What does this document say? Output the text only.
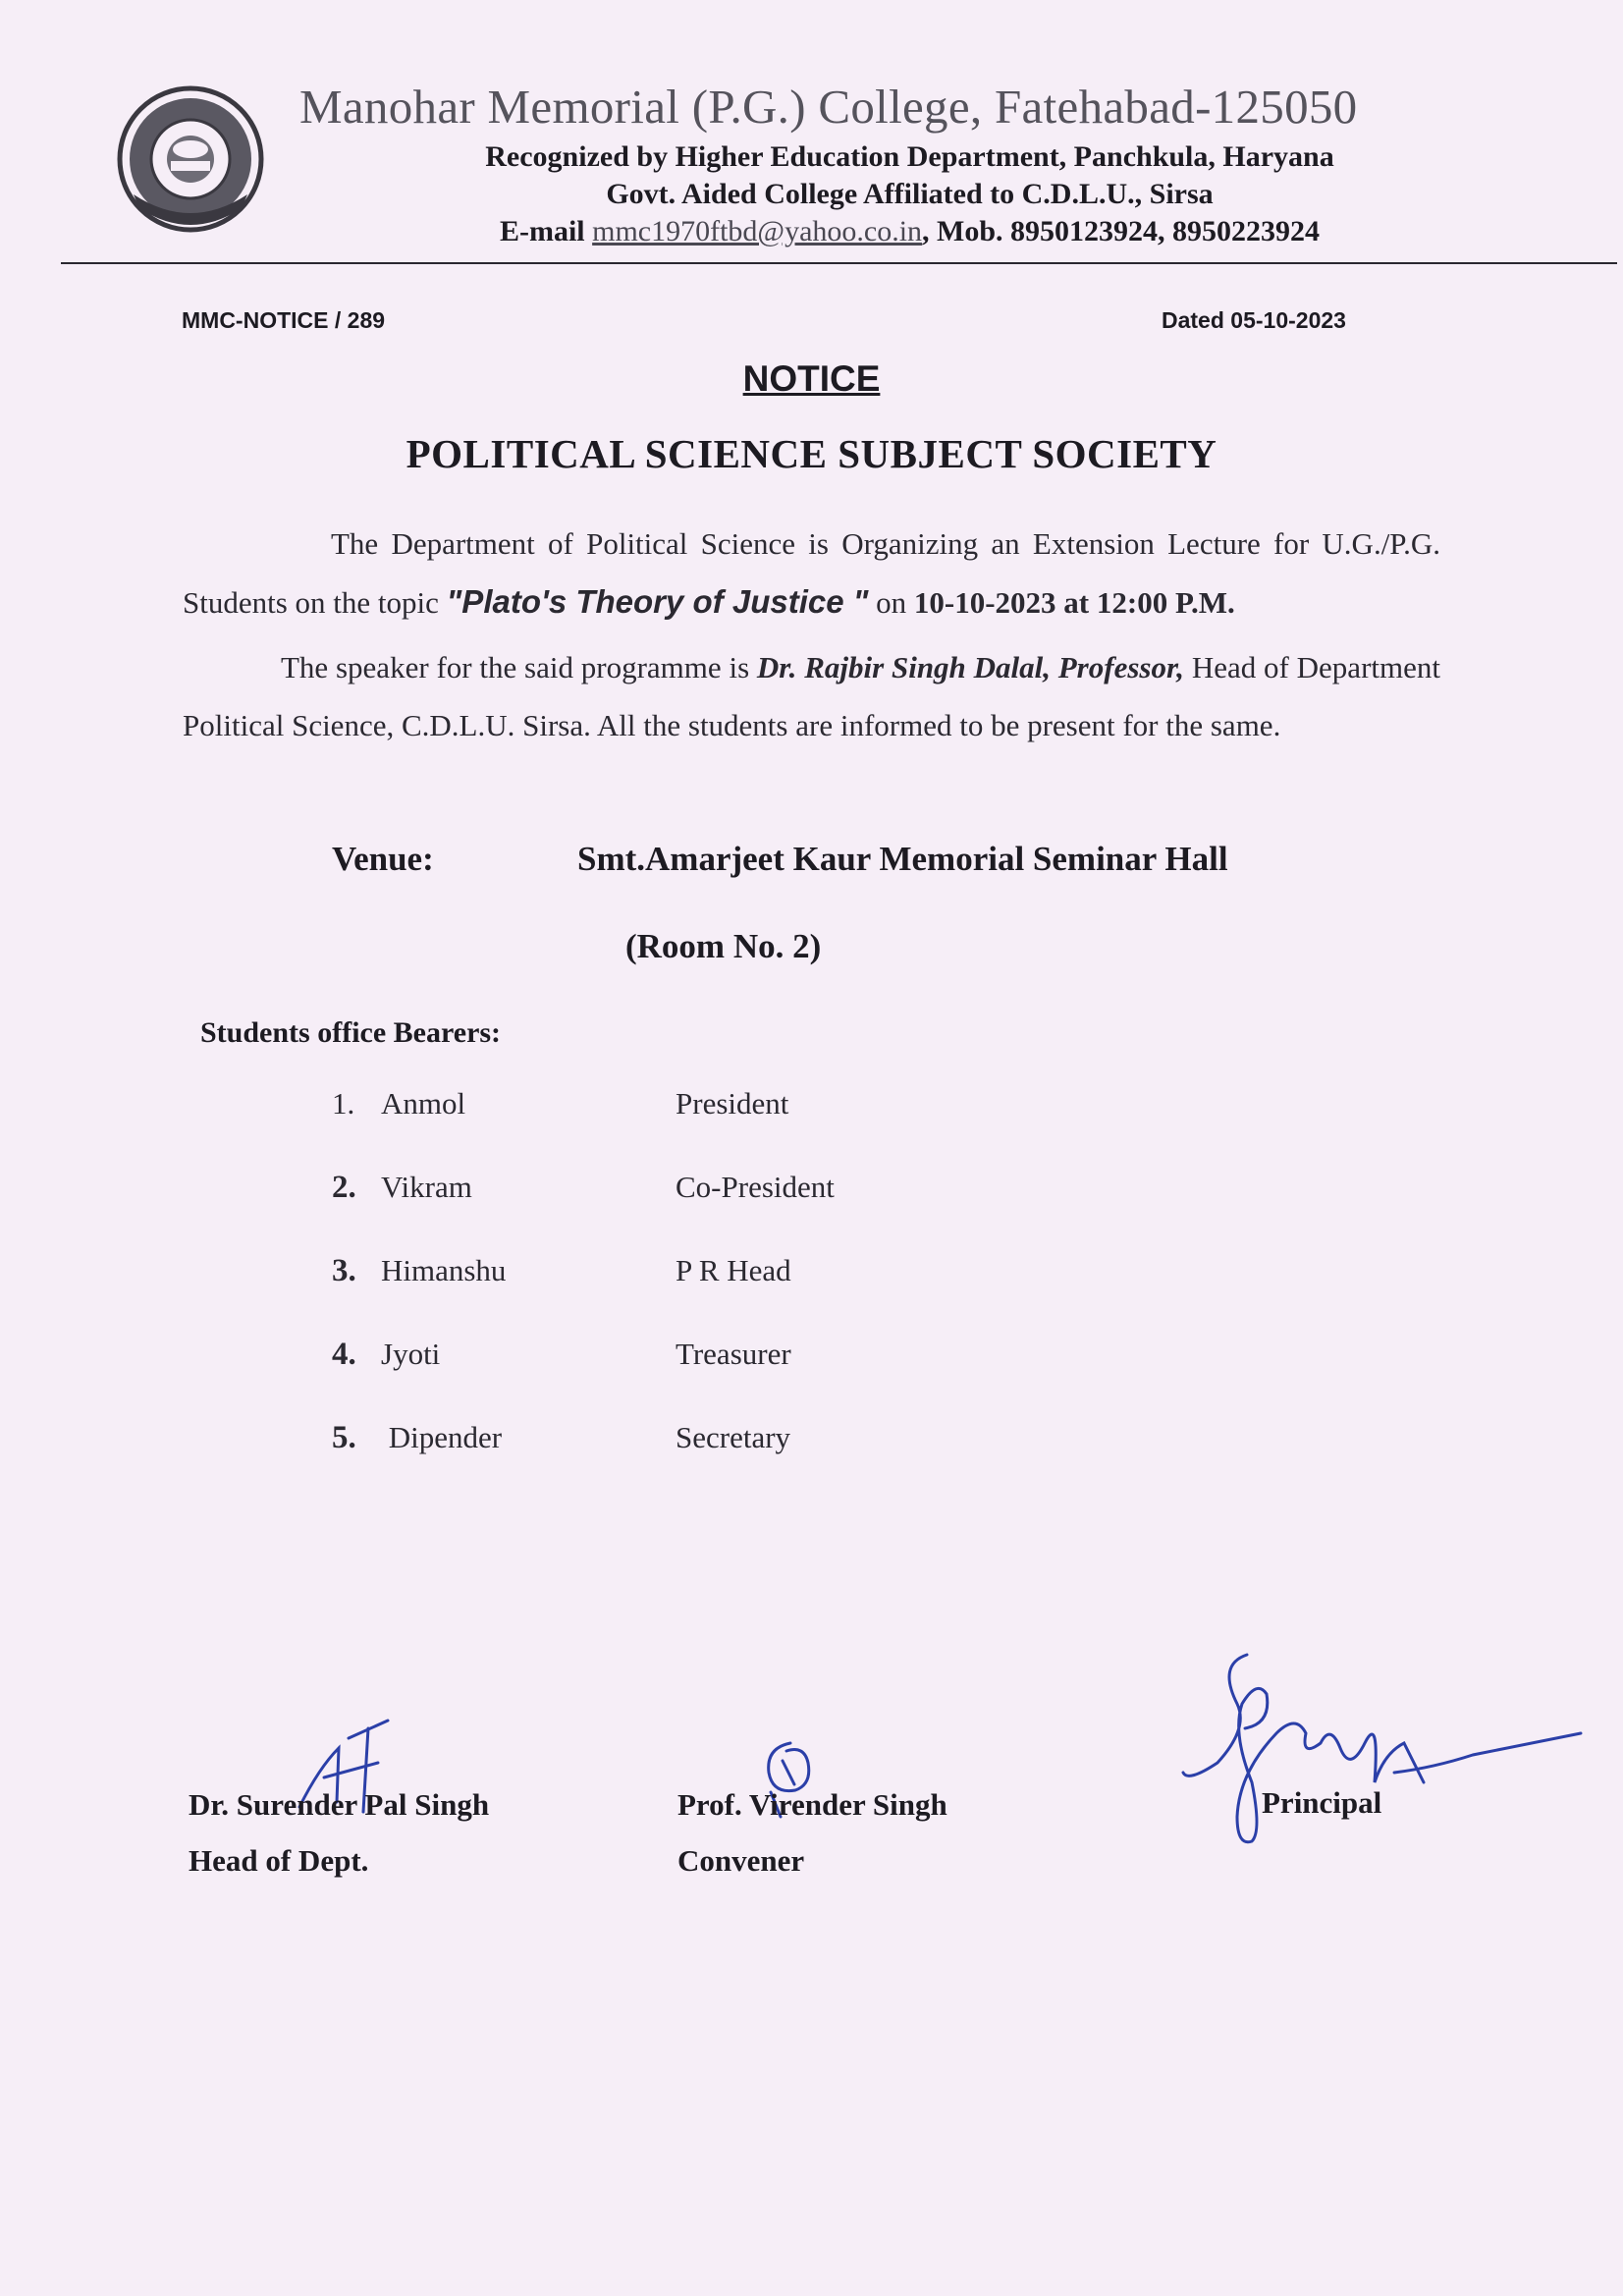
Manohar Memorial (P.G.) College, Fatehabad-125050
Recognized by Higher Education Department, Panchkula, Haryana
Govt. Aided College Affiliated to C.D.L.U., Sirsa
E-mail mmc1970ftbd@yahoo.co.in, Mob. 8950123924, 8950223924
MMC-NOTICE / 289	Dated 05-10-2023
NOTICE
POLITICAL SCIENCE SUBJECT SOCIETY
The Department of Political Science is Organizing an Extension Lecture for U.G./P.G. Students on the topic "Plato's Theory of Justice " on 10-10-2023 at 12:00 P.M.
The speaker for the said programme is Dr. Rajbir Singh Dalal, Professor, Head of Department Political Science, C.D.L.U. Sirsa. All the students are informed to be present for the same.
Venue:	Smt.Amarjeet Kaur Memorial Seminar Hall
(Room No. 2)
Students office Bearers:
1. Anmol	President
2. Vikram	Co-President
3. Himanshu	P R Head
4. Jyoti	Treasurer
5. Dipender	Secretary
Dr. Surender Pal Singh
Head of Dept.
Prof. Virender Singh
Convener
Principal
